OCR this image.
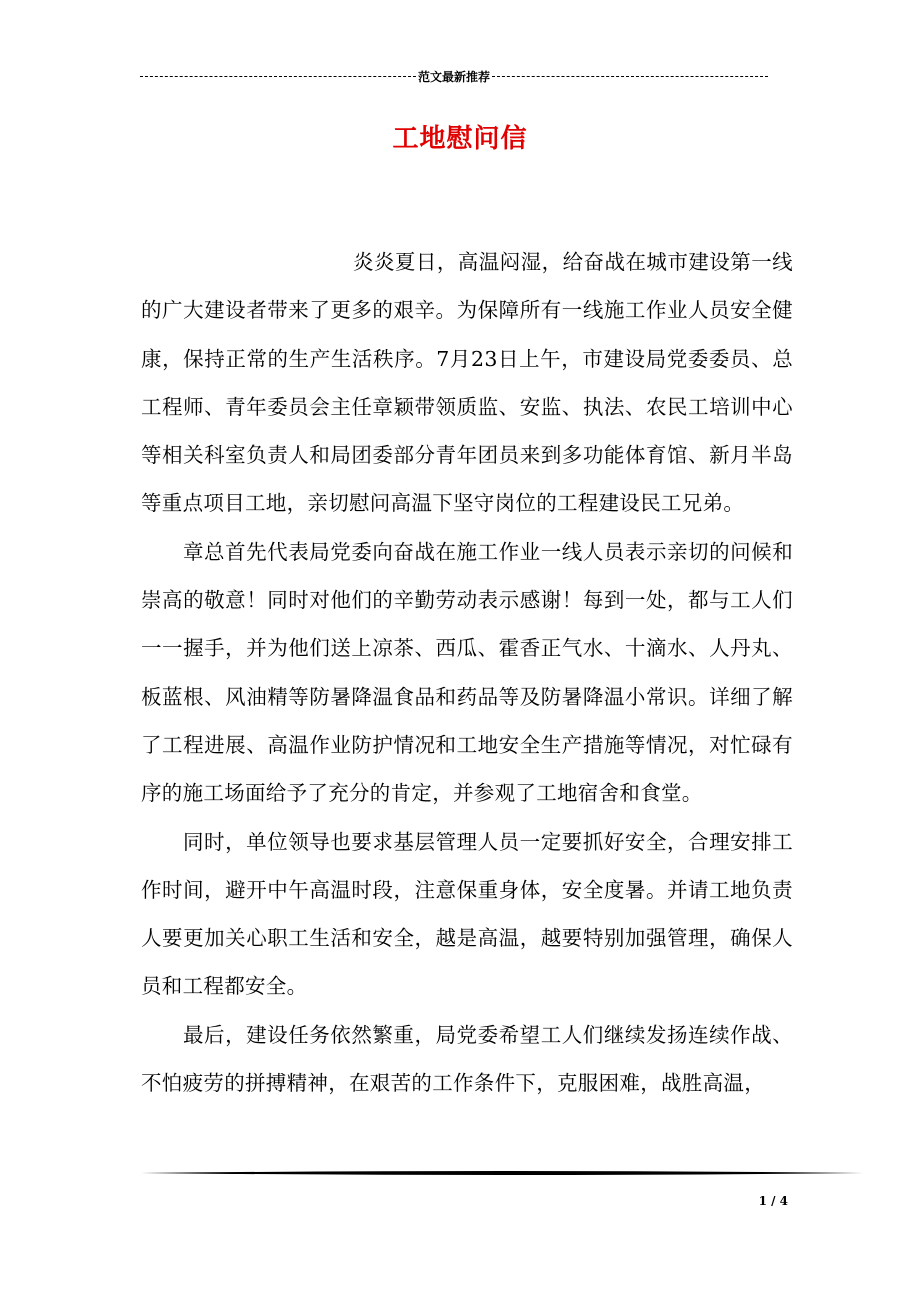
范文最新推荐
工地慰问信

炎炎夏日，高温闷湿，给奋战在城市建设第一线的广大建设者带来了更多的艰辛。为保障所有一线施工作业人员安全健康，保持正常的生产生活秩序。7月23日上午，市建设局党委委员、总工程师、青年委员会主任章颖带领质监、安监、执法、农民工培训中心等相关科室负责人和局团委部分青年团员来到多功能体育馆、新月半岛等重点项目工地，亲切慰问高温下坚守岗位的工程建设民工兄弟。

章总首先代表局党委向奋战在施工作业一线人员表示亲切的问候和崇高的敬意！同时对他们的辛勤劳动表示感谢！每到一处，都与工人们一一握手，并为他们送上凉茶、西瓜、霍香正气水、十滴水、人丹丸、板蓝根、风油精等防暑降温食品和药品等及防暑降温小常识。详细了解了工程进展、高温作业防护情况和工地安全生产措施等情况，对忙碌有序的施工场面给予了充分的肯定，并参观了工地宿舍和食堂。

同时，单位领导也要求基层管理人员一定要抓好安全，合理安排工作时间，避开中午高温时段，注意保重身体，安全度暑。并请工地负责人要更加关心职工生活和安全，越是高温，越要特别加强管理，确保人员和工程都安全。

最后，建设任务依然繁重，局党委希望工人们继续发扬连续作战、不怕疲劳的拼搏精神，在艰苦的工作条件下，克服困难，战胜高温，

1 / 4
